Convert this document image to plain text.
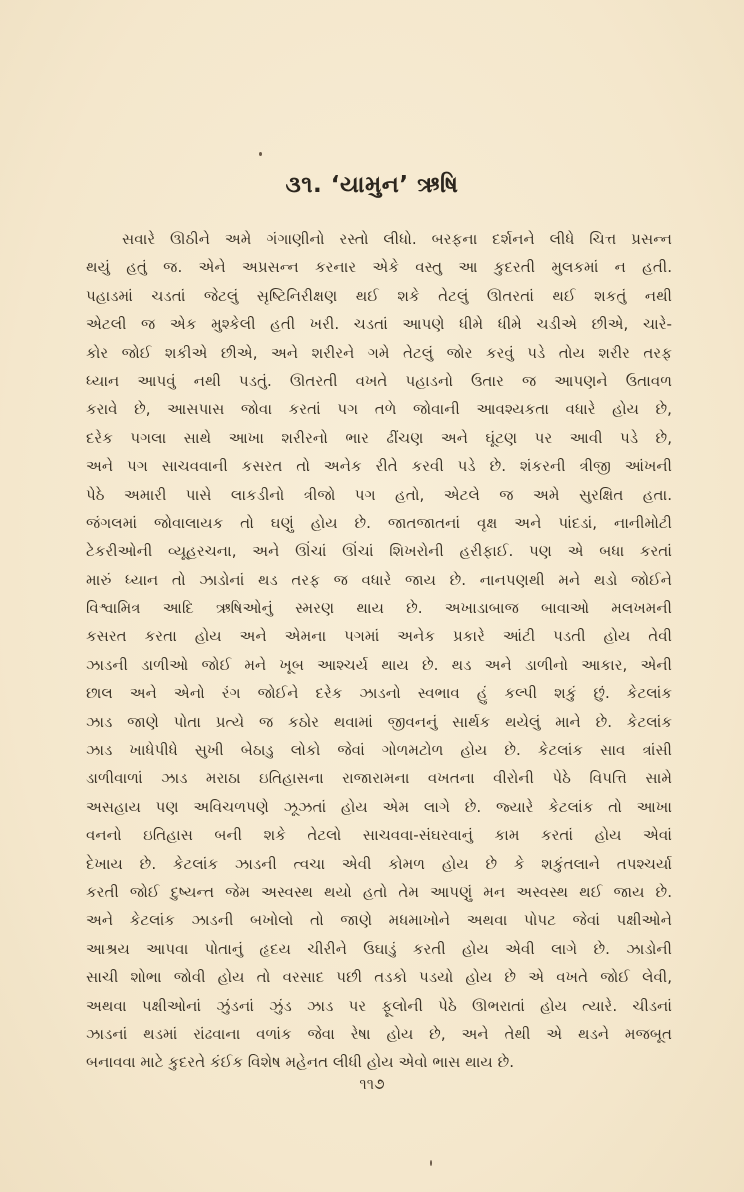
૩૧. ‘યામુન’ ઋષિ
સવારે ઊઠીને અમે ગંગાણીનો રસ્તો લીધો. બરફના દર્શનને લીધે ચિત્ત પ્રસન્ન
થયું હતું જ. એને અપ્રસન્ન કરનાર એકે વસ્તુ આ કુદરતી મુલકમાં ન હતી.
પહાડમાં ચડતાં જેટલું સૃષ્ટિનિરીક્ષણ થઈ શકે તેટલું ઊતરતાં થઈ શકતું નથી
એટલી જ એક મુશ્કેલી હતી ખરી. ચડતાં આપણે ધીમે ધીમે ચડીએ છીએ, ચારે-
કોર જોઈ શકીએ છીએ, અને શરીરને ગમે તેટલું જોર કરવું પડે તોય શરીર તરફ
ધ્યાન આપવું નથી પડતું. ઊતરતી વખતે પહાડનો ઉતાર જ આપણને ઉતાવળ
કરાવે છે, આસપાસ જોવા કરતાં પગ તળે જોવાની આવશ્યકતા વધારે હોય છે,
દરેક પગલા સાથે આખા શરીરનો ભાર ઢીંચણ અને ઘૂંટણ પર આવી પડે છે,
અને પગ સાચવવાની કસરત તો અનેક રીતે કરવી પડે છે. શંકરની ત્રીજી આંખની
પેઠે અમારી પાસે લાકડીનો ત્રીજો પગ હતો, એટલે જ અમે સુરક્ષિત હતા.
જંગલમાં જોવાલાયક તો ઘણું હોય છે. જાતજાતનાં વૃક્ષ અને પાંદડાં, નાનીમોટી
ટેકરીઓની વ્યૂહરચના, અને ઊંચાં ઊંચાં શિખરોની હરીફાઈ. પણ એ બધા કરતાં
મારું ધ્યાન તો ઝાડોનાં થડ તરફ જ વધારે જાય છે. નાનપણથી મને થડો જોઈને
વિશ્વામિત્ર આદિ ઋષિઓનું સ્મરણ થાય છે. અખાડાબાજ બાવાઓ મલખમની
કસરત કરતા હોય અને એમના પગમાં અનેક પ્રકારે આંટી પડતી હોય તેવી
ઝાડની ડાળીઓ જોઈ મને ખૂબ આશ્ચર્ય થાય છે. થડ અને ડાળીનો આકાર, એની
છાલ અને એનો રંગ જોઈને દરેક ઝાડનો સ્વભાવ હું કલ્પી શકું છું. કેટલાંક
ઝાડ જાણે પોતા પ્રત્યે જ કઠોર થવામાં જીવનનું સાર્થક થયેલું માને છે. કેટલાંક
ઝાડ ખાધેપીધે સુખી બેઠાડુ લોકો જેવાં ગોળમટોળ હોય છે. કેટલાંક સાવ ત્રાંસી
ડાળીવાળાં ઝાડ મરાઠા ઇતિહાસના રાજારામના વખતના વીરોની પેઠે વિપત્તિ સામે
અસહાય પણ અવિચળપણે ઝૂઝતાં હોય એમ લાગે છે. જ્યારે કેટલાંક તો આખા
વનનો ઇતિહાસ બની શકે તેટલો સાચવવા-સંઘરવાનું કામ કરતાં હોય એવાં
દેખાય છે. કેટલાંક ઝાડની ત્વચા એવી કોમળ હોય છે કે શકુંતલાને તપશ્ચર્યા
કરતી જોઈ દુષ્યન્ત જેમ અસ્વસ્થ થયો હતો તેમ આપણું મન અસ્વસ્થ થઈ જાય છે.
અને કેટલાંક ઝાડની બખોલો તો જાણે મધમાખોને અથવા પોપટ જેવાં પક્ષીઓને
આશ્રય આપવા પોતાનું હૃદય ચીરીને ઉઘાડું કરતી હોય એવી લાગે છે. ઝાડોની
સાચી શોભા જોવી હોય તો વરસાદ પછી તડકો પડયો હોય છે એ વખતે જોઈ લેવી,
અથવા પક્ષીઓનાં ઝુંડનાં ઝુંડ ઝાડ પર ફૂલોની પેઠે ઊભરાતાં હોય ત્યારે. ચીડનાં
ઝાડનાં થડમાં રાંઢવાના વળાંક જેવા રેષા હોય છે, અને તેથી એ થડને મજબૂત
બનાવવા માટે કુદરતે કંઈક વિશેષ મહેનત લીધી હોય એવો ભાસ થાય છે.
૧૧૭
